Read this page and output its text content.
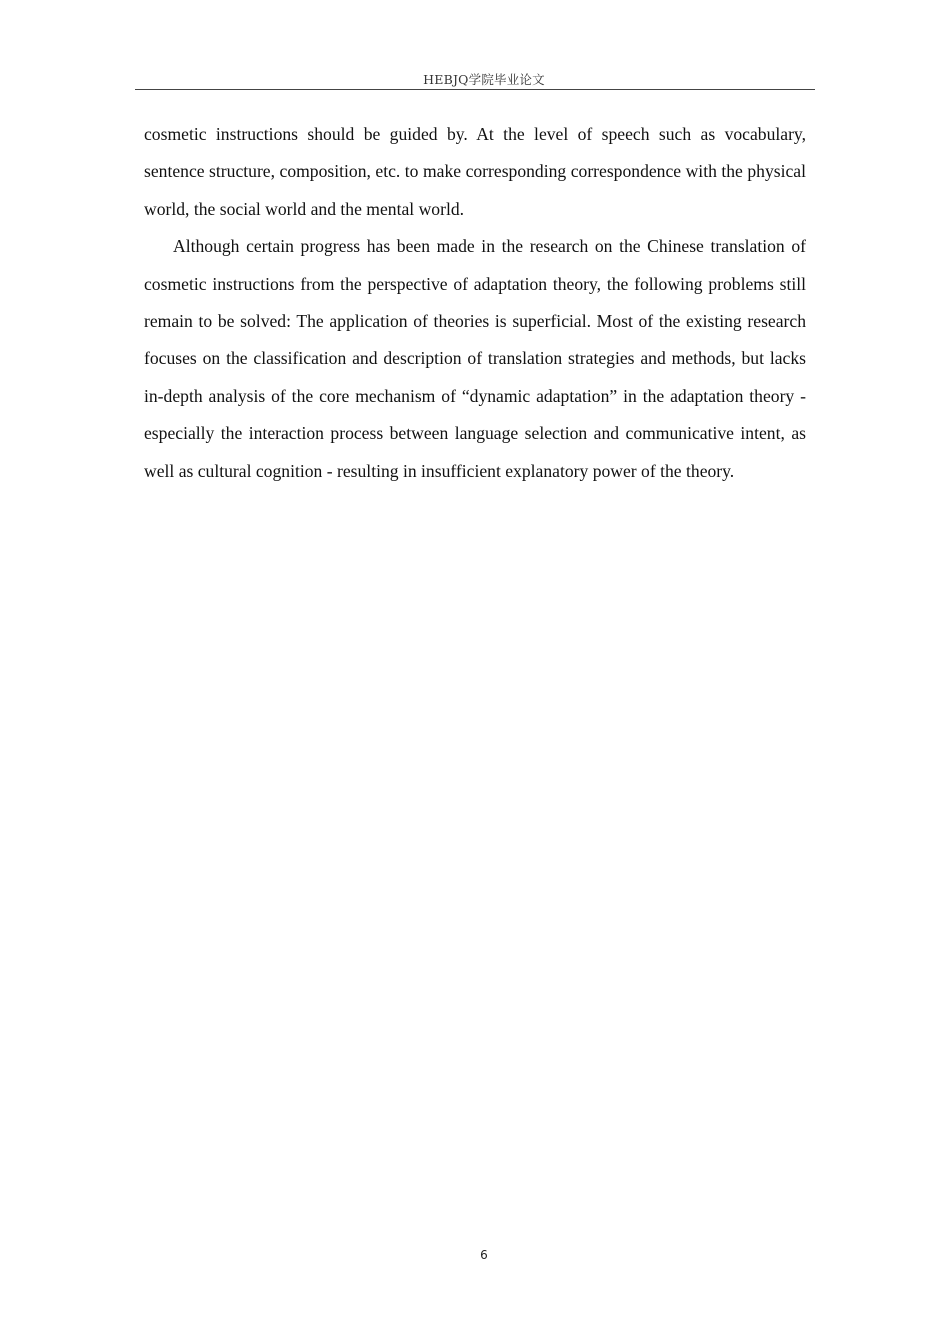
HEBJQ学院毕业论文

cosmetic instructions should be guided by. At the level of speech such as vocabulary, sentence structure, composition, etc. to make corresponding correspondence with the physical world, the social world and the mental world.

Although certain progress has been made in the research on the Chinese translation of cosmetic instructions from the perspective of adaptation theory, the following problems still remain to be solved: The application of theories is superficial. Most of the existing research focuses on the classification and description of translation strategies and methods, but lacks in-depth analysis of the core mechanism of “dynamic adaptation” in the adaptation theory - especially the interaction process between language selection and communicative intent, as well as cultural cognition - resulting in insufficient explanatory power of the theory.

6
